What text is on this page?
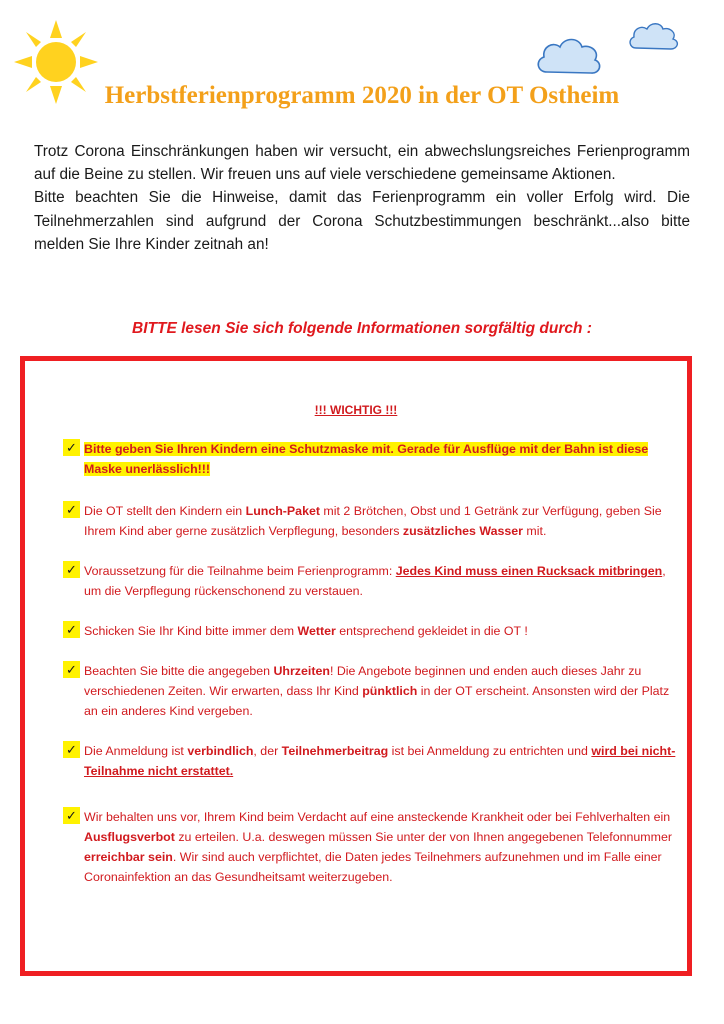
Herbstferienprogramm 2020 in der OT Ostheim

Trotz Corona Einschränkungen haben wir versucht, ein abwechslungsreiches Ferienprogramm auf die Beine zu stellen. Wir freuen uns auf viele verschiedene gemeinsame Aktionen.

Bitte beachten Sie die Hinweise, damit das Ferienprogramm ein voller Erfolg wird. Die Teilnehmerzahlen sind aufgrund der Corona Schutzbestimmungen beschränkt...also bitte melden Sie Ihre Kinder zeitnah an!

BITTE lesen Sie sich folgende Informationen sorgfältig durch :
!!! WICHTIG !!!
✓ Bitte geben Sie Ihren Kindern eine Schutzmaske mit. Gerade für Ausflüge mit der Bahn ist diese Maske unerlässlich!!!
✓ Die OT stellt den Kindern ein Lunch-Paket mit 2 Brötchen, Obst und 1 Getränk zur Verfügung, geben Sie Ihrem Kind aber gerne zusätzlich Verpflegung, besonders zusätzliches Wasser mit.
✓ Voraussetzung für die Teilnahme beim Ferienprogramm: Jedes Kind muss einen Rucksack mitbringen, um die Verpflegung rückenschonend zu verstauen.
✓ Schicken Sie Ihr Kind bitte immer dem Wetter entsprechend gekleidet in die OT !
✓ Beachten Sie bitte die angegeben Uhrzeiten! Die Angebote beginnen und enden auch dieses Jahr zu verschiedenen Zeiten. Wir erwarten, dass Ihr Kind pünktlich in der OT erscheint. Ansonsten wird der Platz an ein anderes Kind vergeben.
✓ Die Anmeldung ist verbindlich, der Teilnehmerbeitrag ist bei Anmeldung zu entrichten und wird bei nicht-Teilnahme nicht erstattet.
✓ Wir behalten uns vor, Ihrem Kind beim Verdacht auf eine ansteckende Krankheit oder bei Fehlverhalten ein Ausflugsverbot zu erteilen. U.a. deswegen müssen Sie unter der von Ihnen angegebenen Telefonnummer erreichbar sein. Wir sind auch verpflichtet, die Daten jedes Teilnehmers aufzunehmen und im Falle einer Coronainfektion an das Gesundheitsamt weiterzugeben.
